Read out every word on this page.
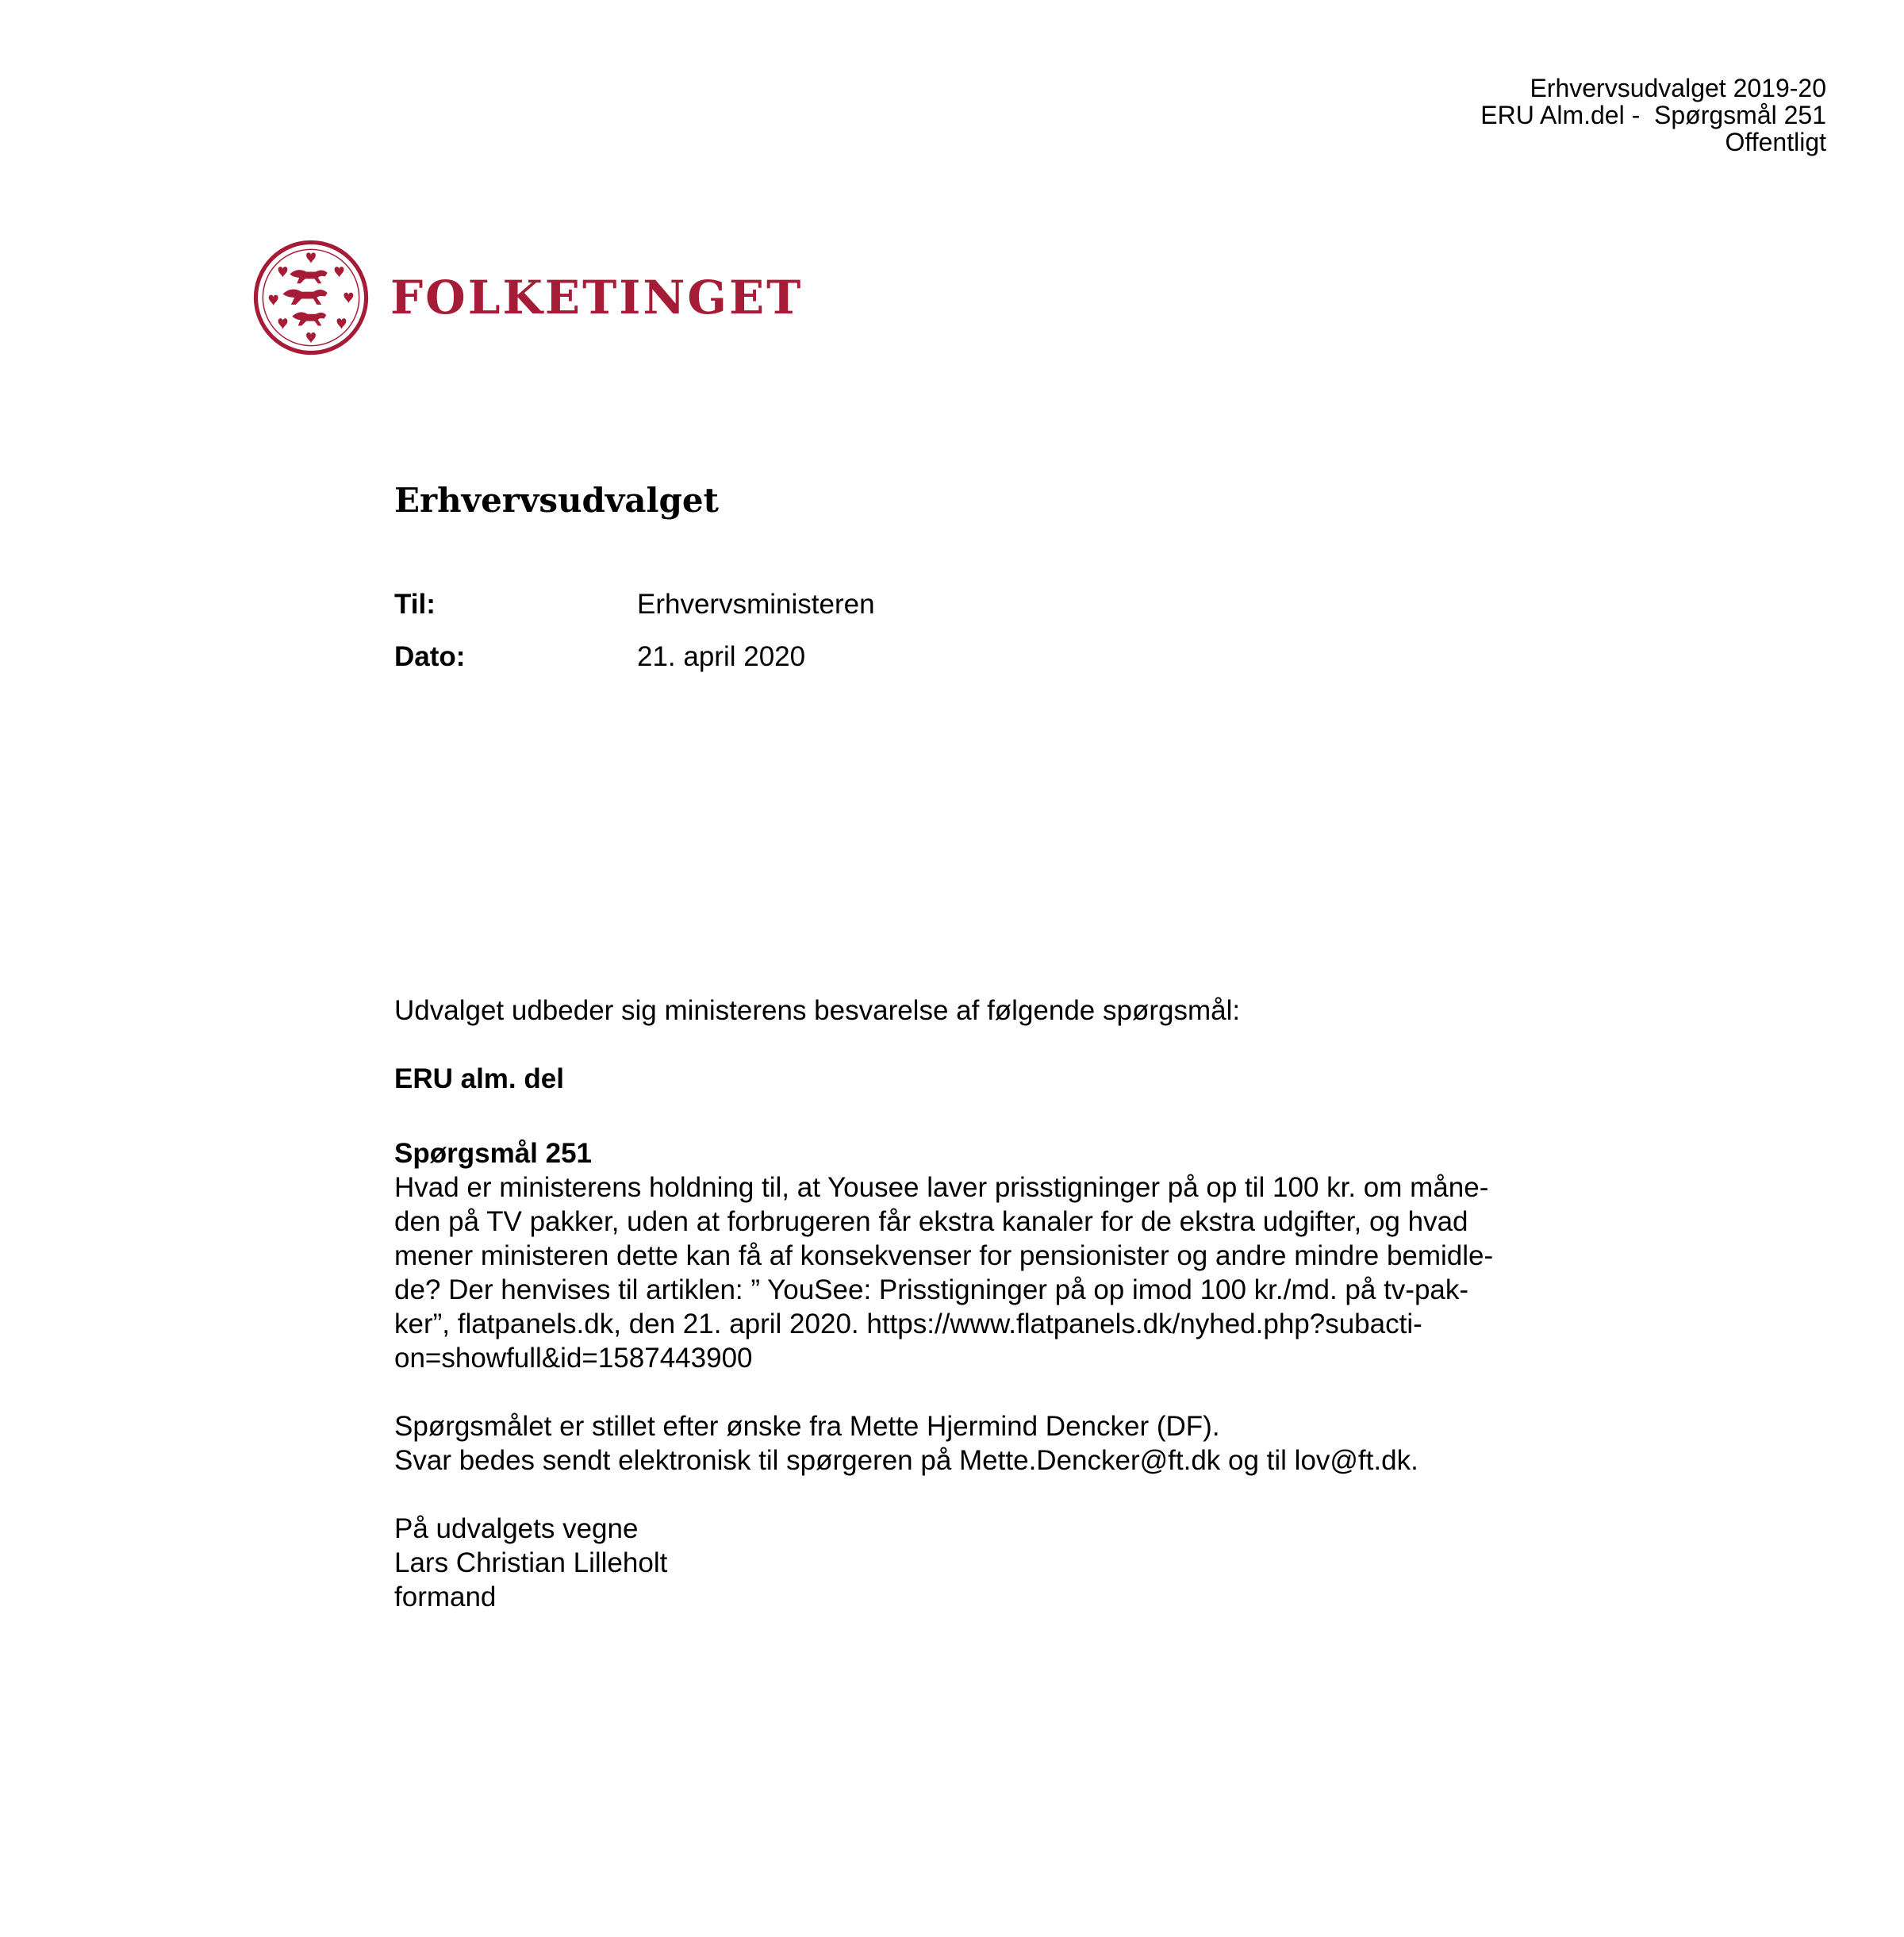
Erhvervsudvalget 2019-20
ERU Alm.del -  Spørgsmål 251
Offentligt
FOLKETINGET
Erhvervsudvalget
Til:	Erhvervsministeren
Dato:	21. april 2020

Udvalget udbeder sig ministerens besvarelse af følgende spørgsmål:

ERU alm. del

Spørgsmål 251

Hvad er ministerens holdning til, at Yousee laver prisstigninger på op til 100 kr. om måne-
den på TV pakker, uden at forbrugeren får ekstra kanaler for de ekstra udgifter, og hvad
mener ministeren dette kan få af konsekvenser for pensionister og andre mindre bemidle-
de? Der henvises til artiklen: ” YouSee: Prisstigninger på op imod 100 kr./md. på tv-pak-
ker”, flatpanels.dk, den 21. april 2020. https://www.flatpanels.dk/nyhed.php?subacti-
on=showfull&id=1587443900

Spørgsmålet er stillet efter ønske fra Mette Hjermind Dencker (DF).

Svar bedes sendt elektronisk til spørgeren på Mette.Dencker@ft.dk og til lov@ft.dk.

På udvalgets vegne
Lars Christian Lilleholt
formand
